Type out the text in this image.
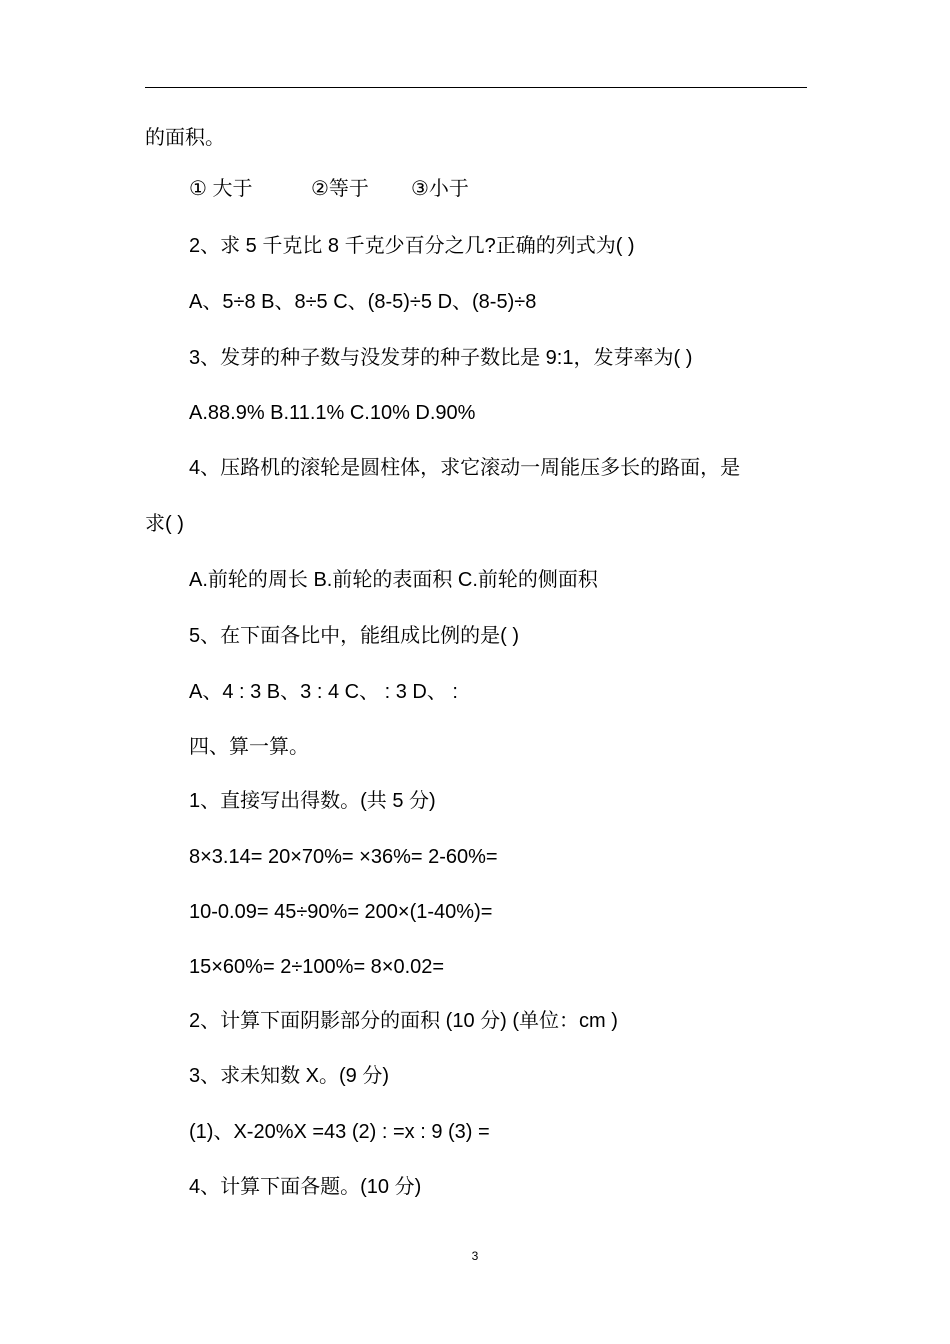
的面积。
① 大于	②等于 ③小于
2、求 5 千克比 8 千克少百分之几?正确的列式为( )
A、5÷8 B、8÷5 C、(8-5)÷5 D、(8-5)÷8
3、发芽的种子数与没发芽的种子数比是 9:1，发芽率为( )
A.88.9% B.11.1% C.10% D.90%
4、压路机的滚轮是圆柱体，求它滚动一周能压多长的路面，是
求( )
A.前轮的周长 B.前轮的表面积 C.前轮的侧面积
5、在下面各比中，能组成比例的是( )
A、4 : 3 B、3 : 4 C、 : 3 D、 :
四、算一算。
1、直接写出得数。(共 5 分)
8×3.14= 20×70%= ×36%= 2-60%=
10-0.09= 45÷90%= 200×(1-40%)=
15×60%= 2÷100%= 8×0.02=
2、计算下面阴影部分的面积 (10 分) (单位：cm )
3、求未知数 X。(9 分)
(1)、X-20%X =43 (2) : =x : 9 (3) =
4、计算下面各题。(10 分)
3
